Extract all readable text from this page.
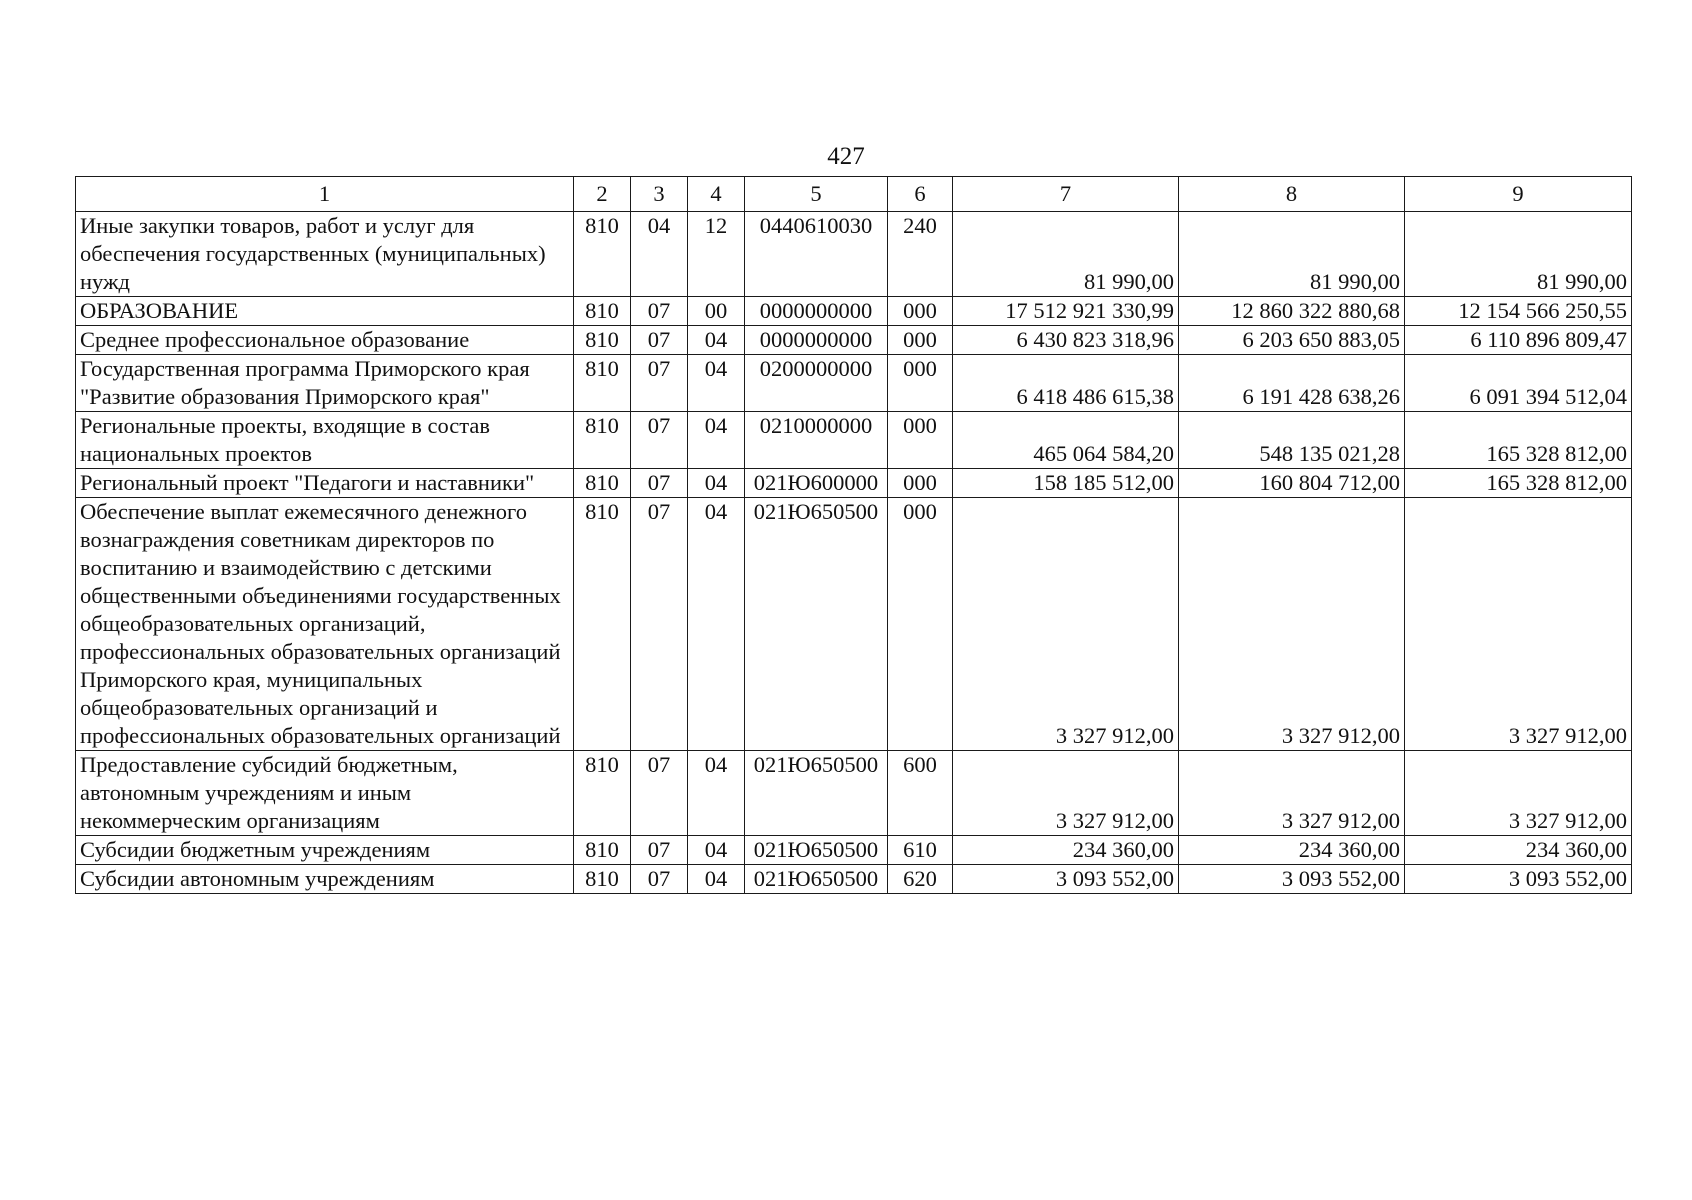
427
1	2	3	4	5	6	7	8	9
Иные закупки товаров, работ и услуг для обеспечения государственных (муниципальных) нужд	810	04	12	0440610030	240	81 990,00	81 990,00	81 990,00
ОБРАЗОВАНИЕ	810	07	00	0000000000	000	17 512 921 330,99	12 860 322 880,68	12 154 566 250,55
Среднее профессиональное образование	810	07	04	0000000000	000	6 430 823 318,96	6 203 650 883,05	6 110 896 809,47
Государственная программа Приморского края "Развитие образования Приморского края"	810	07	04	0200000000	000	6 418 486 615,38	6 191 428 638,26	6 091 394 512,04
Региональные проекты, входящие в состав национальных проектов	810	07	04	0210000000	000	465 064 584,20	548 135 021,28	165 328 812,00
Региональный проект "Педагоги и наставники"	810	07	04	021Ю600000	000	158 185 512,00	160 804 712,00	165 328 812,00
Обеспечение выплат ежемесячного денежного вознаграждения советникам директоров по воспитанию и взаимодействию с детскими общественными объединениями государственных общеобразовательных организаций, профессиональных образовательных организаций Приморского края, муниципальных общеобразовательных организаций и профессиональных образовательных организаций	810	07	04	021Ю650500	000	3 327 912,00	3 327 912,00	3 327 912,00
Предоставление субсидий бюджетным, автономным учреждениям и иным некоммерческим организациям	810	07	04	021Ю650500	600	3 327 912,00	3 327 912,00	3 327 912,00
Субсидии бюджетным учреждениям	810	07	04	021Ю650500	610	234 360,00	234 360,00	234 360,00
Субсидии автономным учреждениям	810	07	04	021Ю650500	620	3 093 552,00	3 093 552,00	3 093 552,00
